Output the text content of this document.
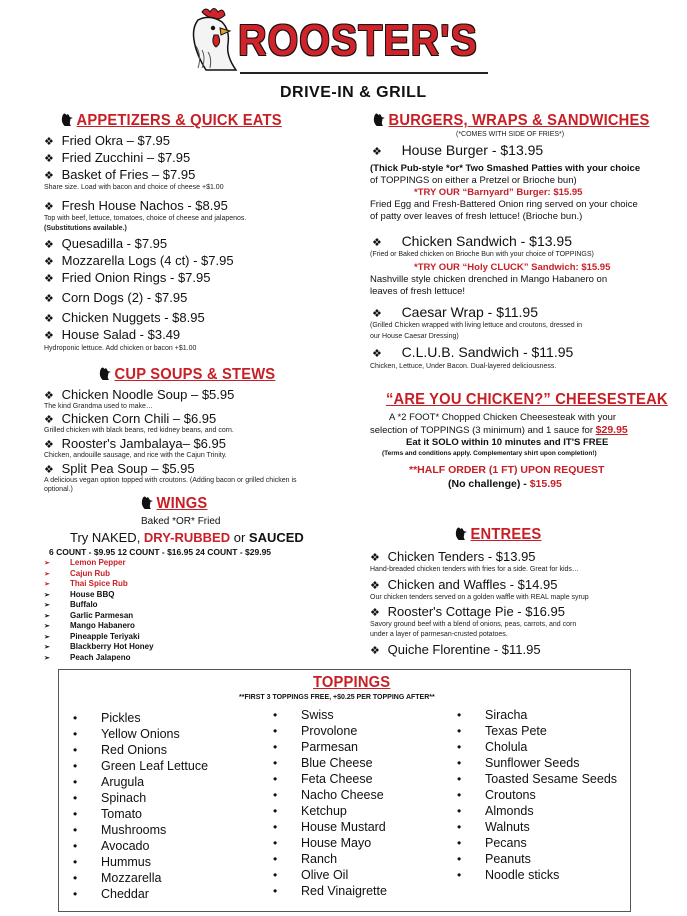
ROOSTER'S
DRIVE-IN & GRILL
APPETIZERS & QUICK EATS
❖ Fried Okra – $7.95
❖ Fried Zucchini – $7.95
❖ Basket of Fries – $7.95
Share size. Load with bacon and choice of cheese +$1.00
❖ Fresh House Nachos - $8.95
Top with beef, lettuce, tomatoes, choice of cheese and jalapenos.
(Substitutions available.)
❖ Quesadilla - $7.95
❖ Mozzarella Logs (4 ct) - $7.95
❖ Fried Onion Rings - $7.95
❖ Corn Dogs (2) - $7.95
❖ Chicken Nuggets - $8.95
❖ House Salad - $3.49
Hydroponic lettuce. Add chicken or bacon +$1.00
CUP SOUPS & STEWS
❖ Chicken Noodle Soup – $5.95
The kind Grandma used to make…
❖ Chicken Corn Chili – $6.95
Grilled chicken with black beans, red kidney beans, and corn.
❖ Rooster's Jambalaya– $6.95
Chicken, andouille sausage, and rice with the Cajun Trinity.
❖ Split Pea Soup – $5.95
A delicious vegan option topped with croutons. (Adding bacon or grilled chicken is
optional.)
WINGS
Baked *OR* Fried
Try NAKED, DRY-RUBBED or SAUCED
6 COUNT - $9.95 12 COUNT - $16.95 24 COUNT - $29.95
➢	Lemon Pepper
➢	Cajun Rub
➢	Thai Spice Rub
➢	House BBQ
➢	Buffalo
➢	Garlic Parmesan
➢	Mango Habanero
➢	Pineapple Teriyaki
➢	Blackberry Hot Honey
➢	Peach Jalapeno
BURGERS, WRAPS & SANDWICHES
(*COMES WITH SIDE OF FRIES*)
❖ House Burger - $13.95
(Thick Pub-style *or* Two Smashed Patties with your choice
of TOPPINGS on either a Pretzel or Brioche bun)
*TRY OUR “Barnyard” Burger: $15.95
Fried Egg and Fresh-Battered Onion ring served on your choice
of patty over leaves of fresh lettuce! (Brioche bun.)
❖ Chicken Sandwich - $13.95
(Fried or Baked chicken on Brioche Bun with your choice of TOPPINGS)
*TRY OUR “Holy CLUCK” Sandwich: $15.95
Nashville style chicken drenched in Mango Habanero on
leaves of fresh lettuce!
❖ Caesar Wrap - $11.95
(Grilled Chicken wrapped with living lettuce and croutons, dressed in
our House Caesar Dressing)
❖ C.L.U.B. Sandwich - $11.95
Chicken, Lettuce, Under Bacon. Dual-layered deliciousness.
“ARE YOU CHICKEN?” CHEESESTEAK
A *2 FOOT* Chopped Chicken Cheesesteak with your
selection of TOPPINGS (3 minimum) and 1 sauce for $29.95
Eat it SOLO within 10 minutes and IT'S FREE
(Terms and conditions apply. Complementary shirt upon completion!)
**HALF ORDER (1 FT) UPON REQUEST
(No challenge) - $15.95
ENTREES
❖ Chicken Tenders - $13.95
Hand-breaded chicken tenders with fries for a side. Great for kids…
❖ Chicken and Waffles - $14.95
Our chicken tenders served on a golden waffle with REAL maple syrup
❖ Rooster's Cottage Pie - $16.95
Savory ground beef with a blend of onions, peas, carrots, and corn
under a layer of parmesan-crusted potatoes.
❖ Quiche Florentine - $11.95
TOPPINGS
**FIRST 3 TOPPINGS FREE, +$0.25 PER TOPPING AFTER**
• Pickles
• Yellow Onions
• Red Onions
• Green Leaf Lettuce
• Arugula
• Spinach
• Tomato
• Mushrooms
• Avocado
• Hummus
• Mozzarella
• Cheddar
• Swiss
• Provolone
• Parmesan
• Blue Cheese
• Feta Cheese
• Nacho Cheese
• Ketchup
• House Mustard
• House Mayo
• Ranch
• Olive Oil
• Red Vinaigrette
• Siracha
• Texas Pete
• Cholula
• Sunflower Seeds
• Toasted Sesame Seeds
• Croutons
• Almonds
• Walnuts
• Pecans
• Peanuts
• Noodle sticks
